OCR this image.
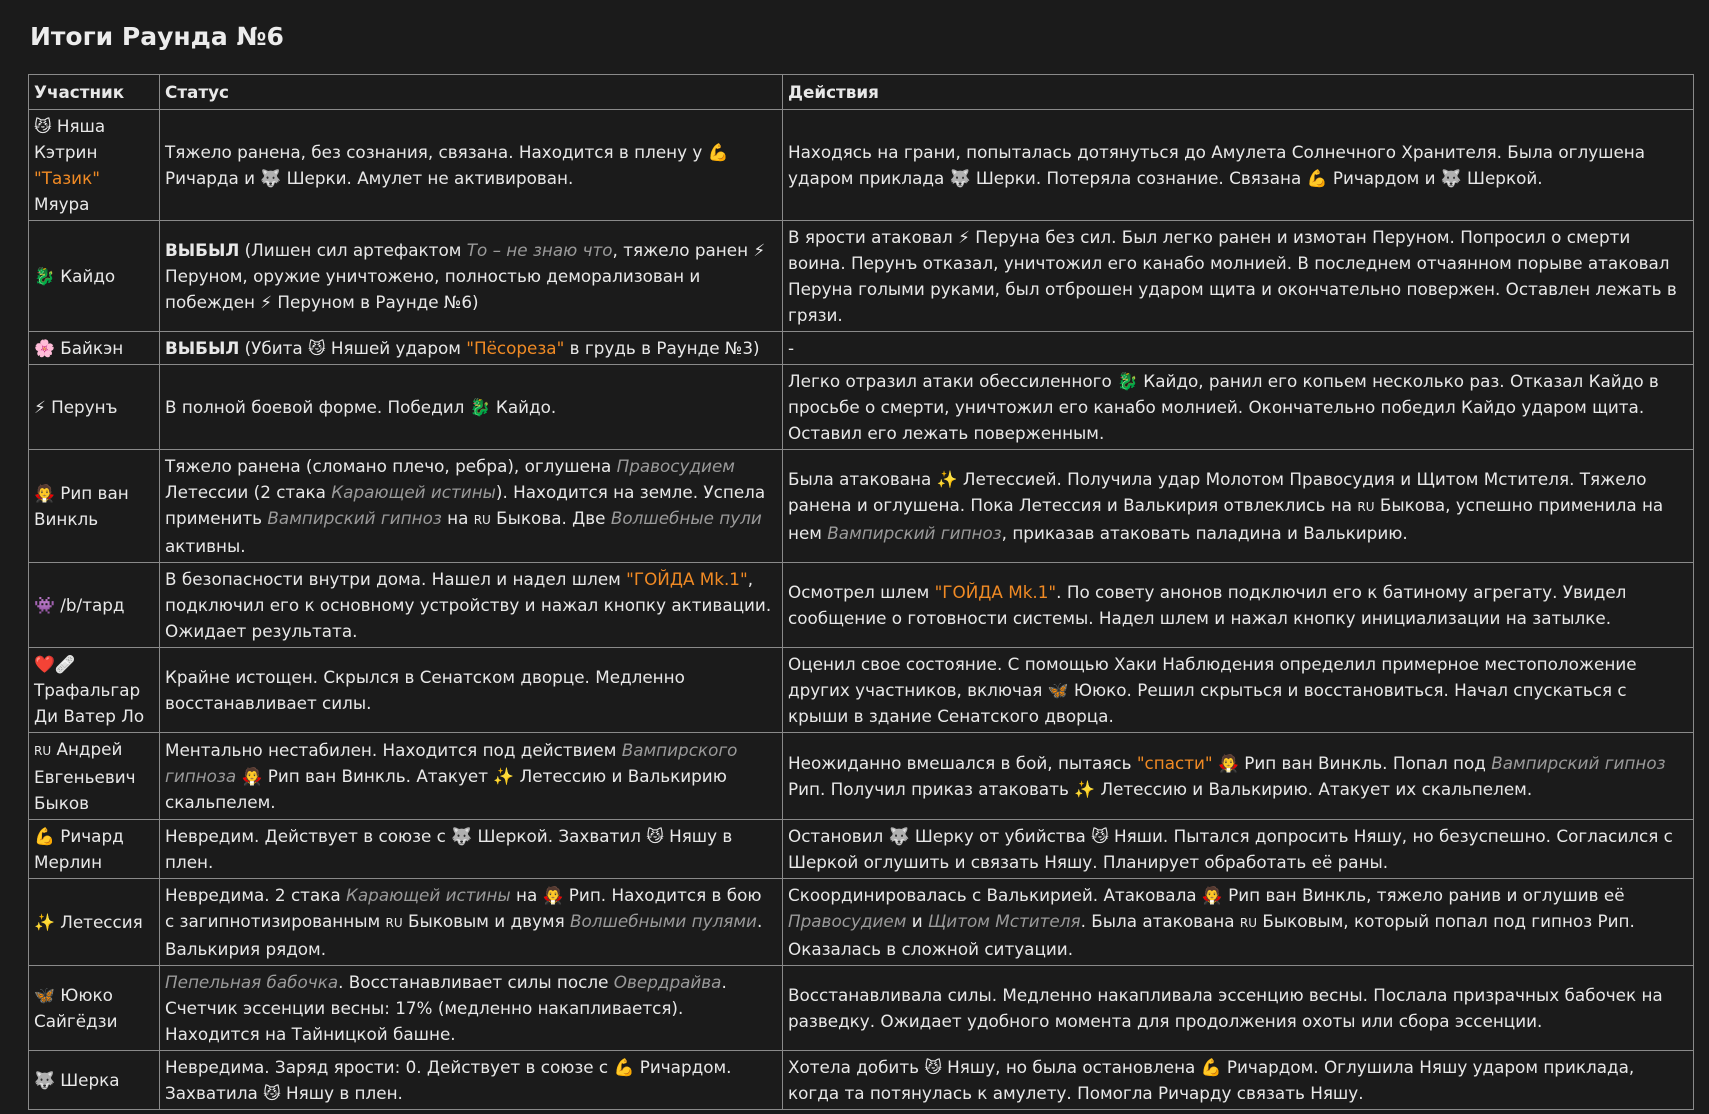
Итоги Раунда №6
Участник	Статус	Действия
😼 Няша Кэтрин "Тазик" Мяура	Тяжело ранена, без сознания, связана. Находится в плену у 💪 Ричарда и 🐺 Шерки. Амулет не активирован.	Находясь на грани, попыталась дотянуться до Амулета Солнечного Хранителя. Была оглушена ударом приклада 🐺 Шерки. Потеряла сознание. Связана 💪 Ричардом и 🐺 Шеркой.
🐉 Кайдо	ВЫБЫЛ (Лишен сил артефактом То – не знаю что, тяжело ранен ⚡ Перуном, оружие уничтожено, полностью деморализован и побежден ⚡ Перуном в Раунде №6)	В ярости атаковал ⚡ Перуна без сил. Был легко ранен и измотан Перуном. Попросил о смерти воина. Перунъ отказал, уничтожил его канабо молнией. В последнем отчаянном порыве атаковал Перуна голыми руками, был отброшен ударом щита и окончательно повержен. Оставлен лежать в грязи.
🌸 Байкэн	ВЫБЫЛ (Убита 😼 Няшей ударом "Пёсореза" в грудь в Раунде №3)	-
⚡ Перунъ	В полной боевой форме. Победил 🐉 Кайдо.	Легко отразил атаки обессиленного 🐉 Кайдо, ранил его копьем несколько раз. Отказал Кайдо в просьбе о смерти, уничтожил его канабо молнией. Окончательно победил Кайдо ударом щита. Оставил его лежать поверженным.
🧛 Рип ван Винкль	Тяжело ранена (сломано плечо, ребра), оглушена Правосудием Летессии (2 стака Карающей истины). Находится на земле. Успела применить Вампирский гипноз на RU Быкова. Две Волшебные пули активны.	Была атакована ✨ Летессией. Получила удар Молотом Правосудия и Щитом Мстителя. Тяжело ранена и оглушена. Пока Летессия и Валькирия отвлеклись на RU Быкова, успешно применила на нем Вампирский гипноз, приказав атаковать паладина и Валькирию.
👾 /b/тард	В безопасности внутри дома. Нашел и надел шлем "ГОЙДА Mk.1", подключил его к основному устройству и нажал кнопку активации. Ожидает результата.	Осмотрел шлем "ГОЙДА Mk.1". По совету анонов подключил его к батиному агрегату. Увидел сообщение о готовности системы. Надел шлем и нажал кнопку инициализации на затылке.
❤️🩹 Трафальгар Ди Ватер Ло	Крайне истощен. Скрылся в Сенатском дворце. Медленно восстанавливает силы.	Оценил свое состояние. С помощью Хаки Наблюдения определил примерное местоположение других участников, включая 🦋 Ююко. Решил скрыться и восстановиться. Начал спускаться с крыши в здание Сенатского дворца.
RU Андрей Евгеньевич Быков	Ментально нестабилен. Находится под действием Вампирского гипноза 🧛 Рип ван Винкль. Атакует ✨ Летессию и Валькирию скальпелем.	Неожиданно вмешался в бой, пытаясь "спасти" 🧛 Рип ван Винкль. Попал под Вампирский гипноз Рип. Получил приказ атаковать ✨ Летессию и Валькирию. Атакует их скальпелем.
💪 Ричард Мерлин	Невредим. Действует в союзе с 🐺 Шеркой. Захватил 😼 Няшу в плен.	Остановил 🐺 Шерку от убийства 😼 Няши. Пытался допросить Няшу, но безуспешно. Согласился с Шеркой оглушить и связать Няшу. Планирует обработать её раны.
✨ Летессия	Невредима. 2 стака Карающей истины на 🧛 Рип. Находится в бою с загипнотизированным RU Быковым и двумя Волшебными пулями. Валькирия рядом.	Скоординировалась с Валькирией. Атаковала 🧛 Рип ван Винкль, тяжело ранив и оглушив её Правосудием и Щитом Мстителя. Была атакована RU Быковым, который попал под гипноз Рип. Оказалась в сложной ситуации.
🦋 Ююко Сайгёдзи	Пепельная бабочка. Восстанавливает силы после Овердрайва. Счетчик эссенции весны: 17% (медленно накапливается). Находится на Тайницкой башне.	Восстанавливала силы. Медленно накапливала эссенцию весны. Послала призрачных бабочек на разведку. Ожидает удобного момента для продолжения охоты или сбора эссенции.
🐺 Шерка	Невредима. Заряд ярости: 0. Действует в союзе с 💪 Ричардом. Захватила 😼 Няшу в плен.	Хотела добить 😼 Няшу, но была остановлена 💪 Ричардом. Оглушила Няшу ударом приклада, когда та потянулась к амулету. Помогла Ричарду связать Няшу.
